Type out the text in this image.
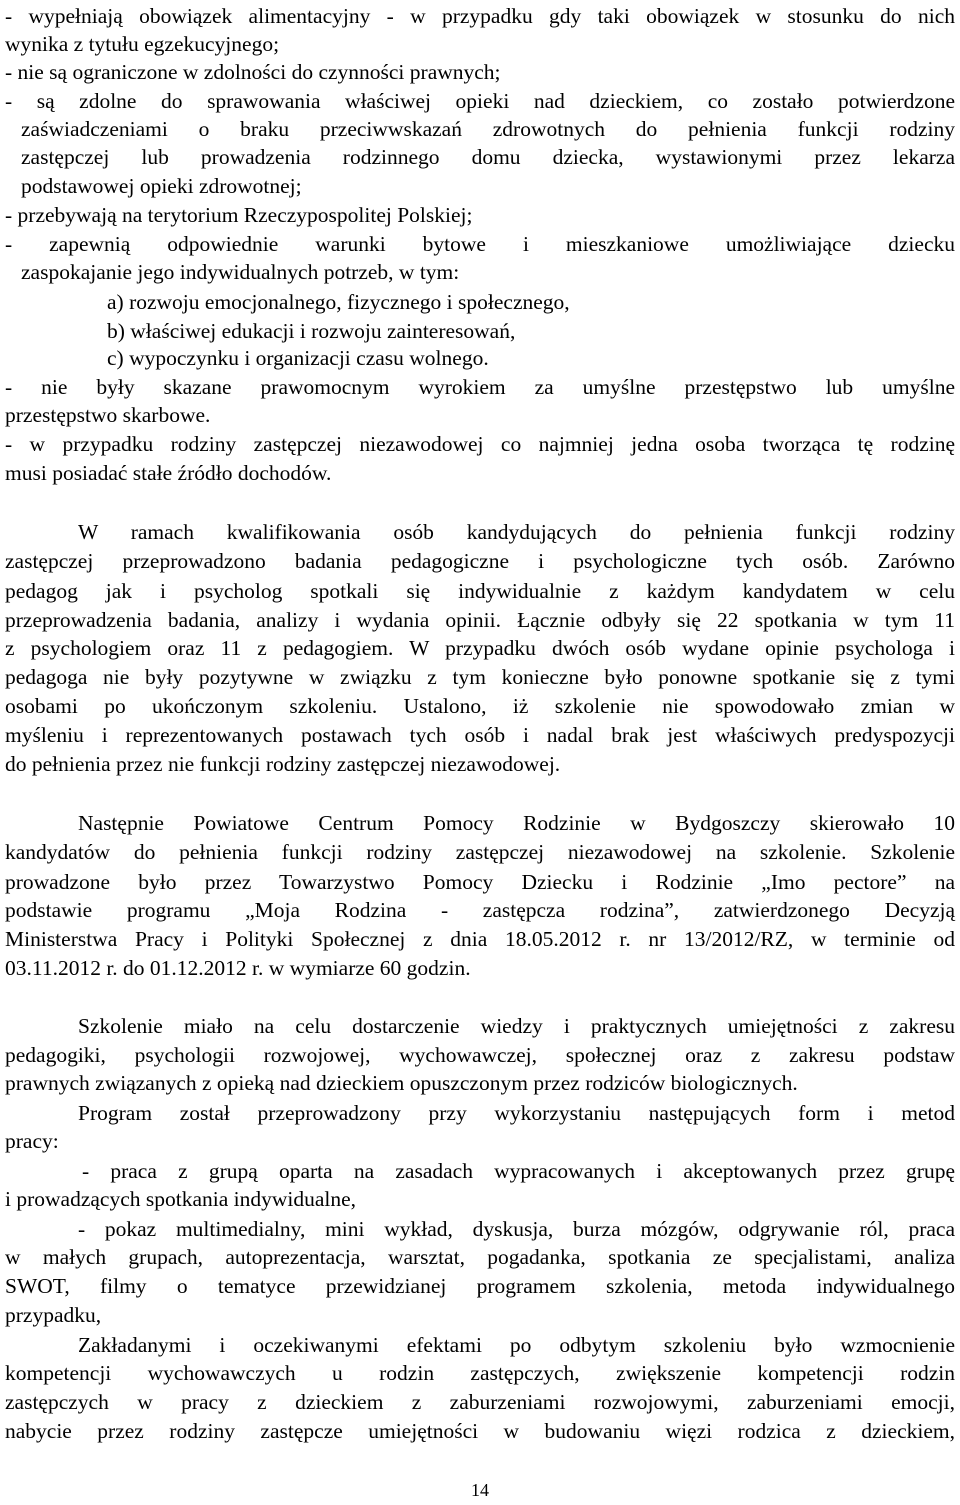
- wypełniają obowiązek alimentacyjny - w przypadku gdy taki obowiązek w stosunku do nich
wynika z tytułu egzekucyjnego;
- nie są ograniczone w zdolności do czynności prawnych;
- są zdolne do sprawowania właściwej opieki nad dzieckiem, co zostało potwierdzone
zaświadczeniami o braku przeciwwskazań zdrowotnych do pełnienia funkcji rodziny
zastępczej lub prowadzenia rodzinnego domu dziecka, wystawionymi przez lekarza
podstawowej opieki zdrowotnej;
- przebywają na terytorium Rzeczypospolitej Polskiej;
- zapewnią odpowiednie warunki bytowe i mieszkaniowe umożliwiające dziecku
zaspokajanie jego indywidualnych potrzeb, w tym:
a) rozwoju emocjonalnego, fizycznego i społecznego,
b) właściwej edukacji i rozwoju zainteresowań,
c) wypoczynku i organizacji czasu wolnego.
- nie były skazane prawomocnym wyrokiem za umyślne przestępstwo lub umyślne
przestępstwo skarbowe.
- w przypadku rodziny zastępczej niezawodowej co najmniej jedna osoba tworząca tę rodzinę
musi posiadać stałe źródło dochodów.
W ramach kwalifikowania osób kandydujących do pełnienia funkcji rodziny
zastępczej przeprowadzono badania pedagogiczne i psychologiczne tych osób. Zarówno
pedagog jak i psycholog spotkali się indywidualnie z każdym kandydatem w celu
przeprowadzenia badania, analizy i wydania opinii. Łącznie odbyły się 22 spotkania w tym 11
z psychologiem oraz 11 z pedagogiem. W przypadku dwóch osób wydane opinie psychologa i
pedagoga nie były pozytywne w związku z tym konieczne było ponowne spotkanie się z tymi
osobami po ukończonym szkoleniu. Ustalono, iż szkolenie nie spowodowało zmian w
myśleniu i reprezentowanych postawach tych osób i nadal brak jest właściwych predyspozycji
do pełnienia przez nie funkcji rodziny zastępczej niezawodowej.
Następnie Powiatowe Centrum Pomocy Rodzinie w Bydgoszczy skierowało 10
kandydatów do pełnienia funkcji rodziny zastępczej niezawodowej na szkolenie. Szkolenie
prowadzone było przez Towarzystwo Pomocy Dziecku i Rodzinie „Imo pectore” na
podstawie programu „Moja Rodzina - zastępcza rodzina”, zatwierdzonego Decyzją
Ministerstwa Pracy i Polityki Społecznej z dnia 18.05.2012 r. nr 13/2012/RZ, w terminie od
03.11.2012 r. do 01.12.2012 r. w wymiarze 60 godzin.
Szkolenie miało na celu dostarczenie wiedzy i praktycznych umiejętności z zakresu
pedagogiki, psychologii rozwojowej, wychowawczej, społecznej oraz z zakresu podstaw
prawnych związanych z opieką nad dzieckiem opuszczonym przez rodziców biologicznych.
Program został przeprowadzony przy wykorzystaniu następujących form i metod
pracy:
- praca z grupą oparta na zasadach wypracowanych i akceptowanych przez grupę
i prowadzących spotkania indywidualne,
- pokaz multimedialny, mini wykład, dyskusja, burza mózgów, odgrywanie ról, praca
w małych grupach, autoprezentacja, warsztat, pogadanka, spotkania ze specjalistami, analiza
SWOT, filmy o tematyce przewidzianej programem szkolenia, metoda indywidualnego
przypadku,
Zakładanymi i oczekiwanymi efektami po odbytym szkoleniu było wzmocnienie
kompetencji wychowawczych u rodzin zastępczych, zwiększenie kompetencji rodzin
zastępczych w pracy z dzieckiem z zaburzeniami rozwojowymi, zaburzeniami emocji,
nabycie przez rodziny zastępcze umiejętności w budowaniu więzi rodzica z dzieckiem,
14
